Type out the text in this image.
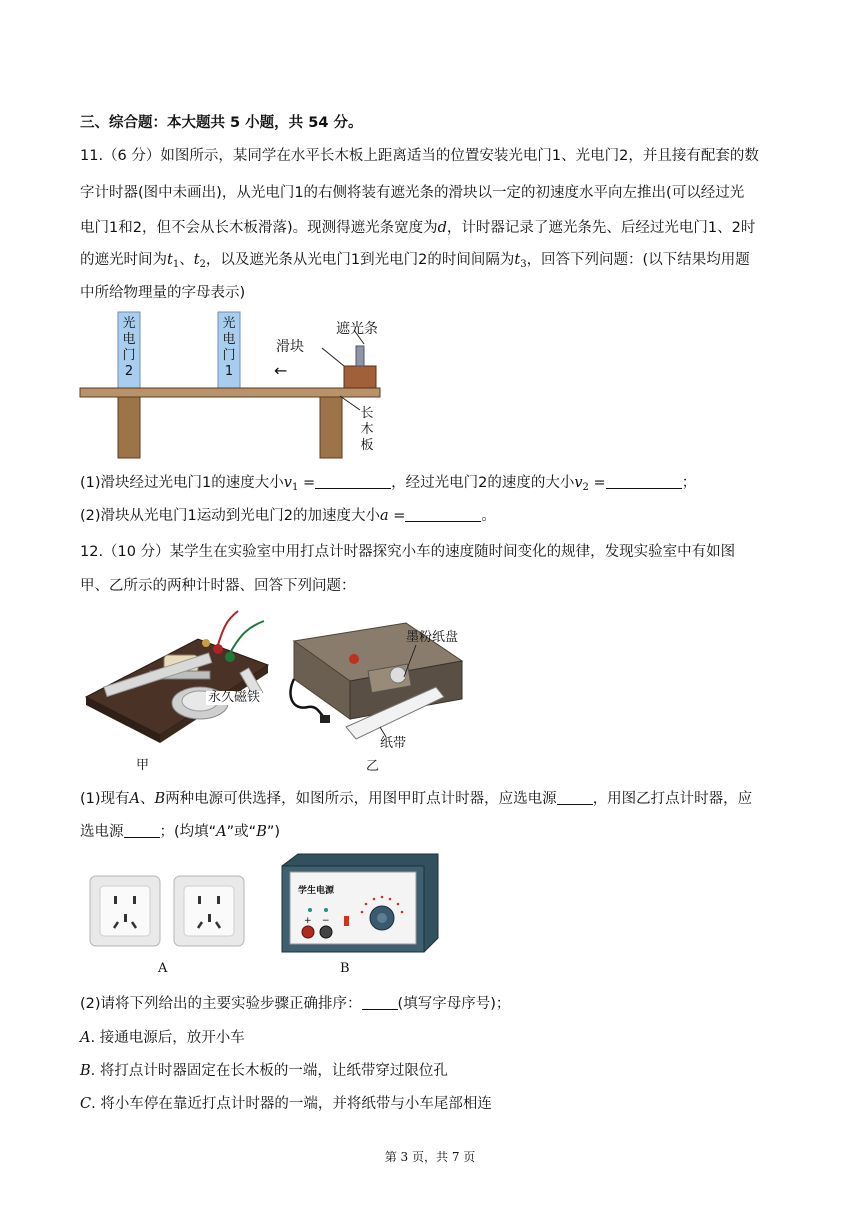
三、综合题：本大题共 5 小题，共 54 分。
11.（6 分）如图所示，某同学在水平长木板上距离适当的位置安装光电门1、光电门2，并且接有配套的数
字计时器(图中未画出)，从光电门1的右侧将装有遮光条的滑块以一定的初速度水平向左推出(可以经过光
电门1和2，但不会从长木板滑落)。现测得遮光条宽度为d，计时器记录了遮光条先、后经过光电门1、2时
的遮光时间为$t_1$、$t_2$，以及遮光条从光电门1到光电门2的时间间隔为$t_3$，回答下列问题：(以下结果均用题
中所给物理量的字母表示)
光
电
门
2
光
电
门
1
遮光条
滑块
←
长
木
板
(1)滑块经过光电门1的速度大小$v_1$ =	，经过光电门2的速度的大小$v_2$ =	；
(2)滑块从光电门1运动到光电门2的加速度大小a =	。
12.（10 分）某学生在实验室中用打点计时器探究小车的速度随时间变化的规律，发现实验室中有如图
甲、乙所示的两种计时器、回答下列问题：
永久磁铁
甲
墨粉纸盘
纸带
乙
(1)现有A、B两种电源可供选择，如图所示，用图甲盯点计时器，应选电源 ，用图乙打点计时器，应
选电源 ；(均填“A”或“B”)
学生电源
+ −
A	B
(2)请将下列给出的主要实验步骤正确排序： (填写字母序号)；
A. 接通电源后，放开小车
B. 将打点计时器固定在长木板的一端，让纸带穿过限位孔
C. 将小车停在靠近打点计时器的一端，并将纸带与小车尾部相连
第 3 页，共 7 页
